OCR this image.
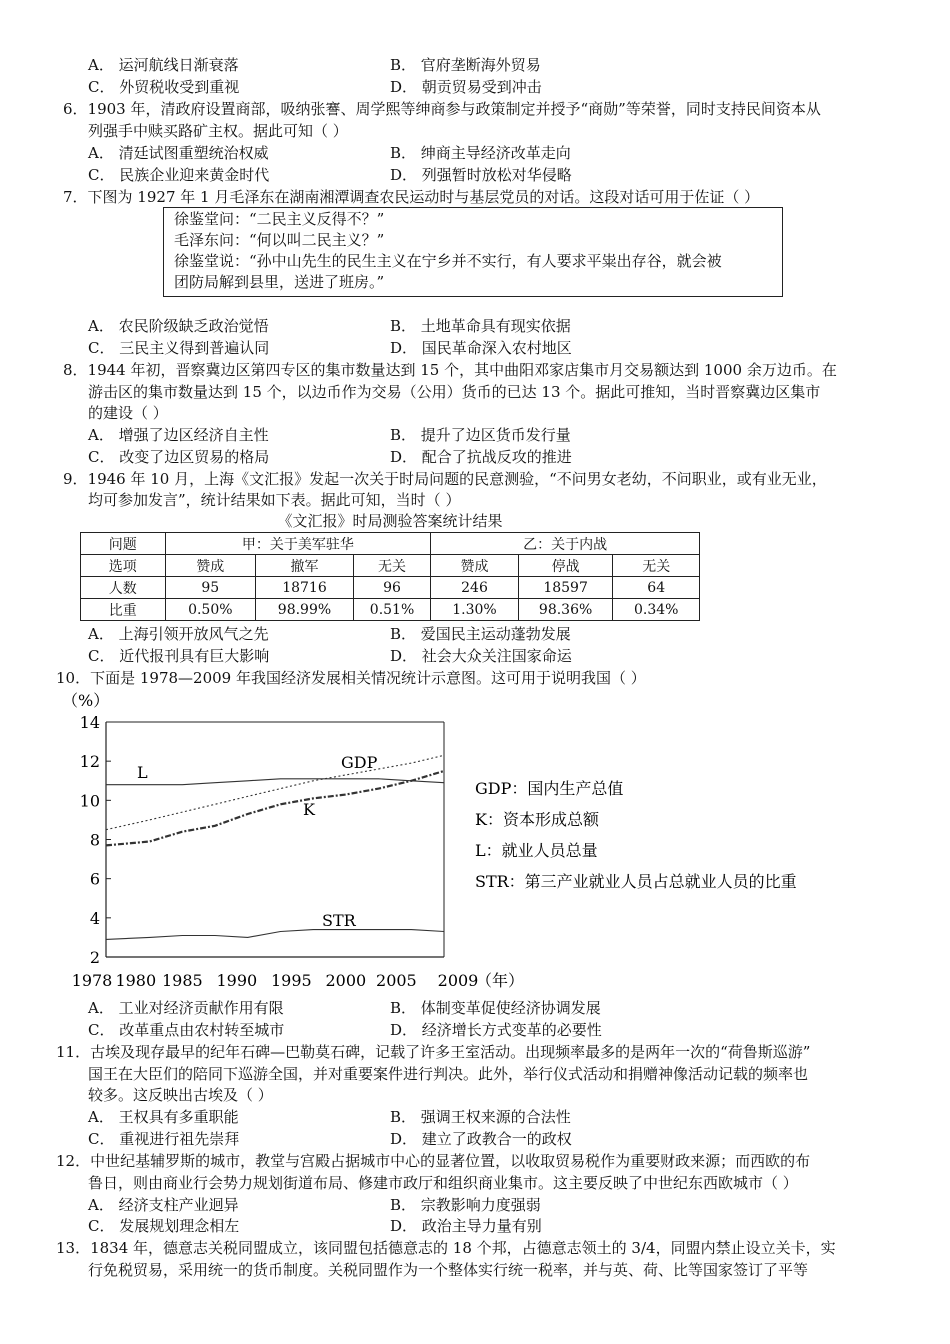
A． 运河航线日渐衰落	B． 官府垄断海外贸易
C． 外贸税收受到重视	D． 朝贡贸易受到冲击
6．1903 年，清政府设置商部，吸纳张謇、周学熙等绅商参与政策制定并授予“商勋”等荣誉，同时支持民间资本从
列强手中赎买路矿主权。据此可知（ ）
A． 清廷试图重塑统治权威	B． 绅商主导经济改革走向
C． 民族企业迎来黄金时代	D． 列强暂时放松对华侵略
7．下图为 1927 年 1 月毛泽东在湖南湘潭调查农民运动时与基层党员的对话。这段对话可用于佐证（ ）
徐鉴堂问：“二民主义反得不？”
毛泽东问：“何以叫二民主义？”
徐鉴堂说：“孙中山先生的民生主义在宁乡并不实行，有人要求平粜出存谷，就会被
团防局解到县里，送进了班房。”
A． 农民阶级缺乏政治觉悟	B． 土地革命具有现实依据
C． 三民主义得到普遍认同	D． 国民革命深入农村地区
8．1944 年初，晋察冀边区第四专区的集市数量达到 15 个，其中曲阳邓家店集市月交易额达到 1000 余万边币。在
游击区的集市数量达到 15 个，以边币作为交易（公用）货币的已达 13 个。据此可推知，当时晋察冀边区集市
的建设（ ）
A． 增强了边区经济自主性	B． 提升了边区货币发行量
C． 改变了边区贸易的格局	D． 配合了抗战反攻的推进
9．1946 年 10 月，上海《文汇报》发起一次关于时局问题的民意测验，“不问男女老幼，不问职业，或有业无业，
均可参加发言”，统计结果如下表。据此可知，当时（ ）
《文汇报》时局测验答案统计结果
问题	甲：关于美军驻华			乙：关于内战		
选项	赞成	撤军	无关	赞成	停战	无关
人数	95	18716	96	246	18597	64
比重	0.50%	98.99%	0.51%	1.30%	98.36%	0.34%
A． 上海引领开放风气之先	B． 爱国民主运动蓬勃发展
C． 近代报刊具有巨大影响	D． 社会大众关注国家命运
10．下面是 1978—2009 年我国经济发展相关情况统计示意图。这可用于说明我国（ ）
（%）
14
12
10
8
6
4
2
1978 1980 1985 1990 1995 2000 2005 2009
（年）
GDP
K
L
STR
GDP：国内生产总值
K：资本形成总额
L：就业人员总量
STR：第三产业就业人员占总就业人员的比重
A． 工业对经济贡献作用有限	B． 体制变革促使经济协调发展
C． 改革重点由农村转至城市	D． 经济增长方式变革的必要性
11．古埃及现存最早的纪年石碑—巴勒莫石碑，记载了许多王室活动。出现频率最多的是两年一次的“荷鲁斯巡游”
国王在大臣们的陪同下巡游全国，并对重要案件进行判决。此外，举行仪式活动和捐赠神像活动记载的频率也
较多。这反映出古埃及（ ）
A． 王权具有多重职能	B． 强调王权来源的合法性
C． 重视进行祖先崇拜	D． 建立了政教合一的政权
12．中世纪基辅罗斯的城市，教堂与宫殿占据城市中心的显著位置，以收取贸易税作为重要财政来源；而西欧的布
鲁日，则由商业行会势力规划街道布局、修建市政厅和组织商业集市。这主要反映了中世纪东西欧城市（ ）
A． 经济支柱产业迥异	B． 宗教影响力度强弱
C． 发展规划理念相左	D． 政治主导力量有别
13．1834 年，德意志关税同盟成立，该同盟包括德意志的 18 个邦，占德意志领土的 3/4，同盟内禁止设立关卡，实
行免税贸易，采用统一的货币制度。关税同盟作为一个整体实行统一税率，并与英、荷、比等国家签订了平等
